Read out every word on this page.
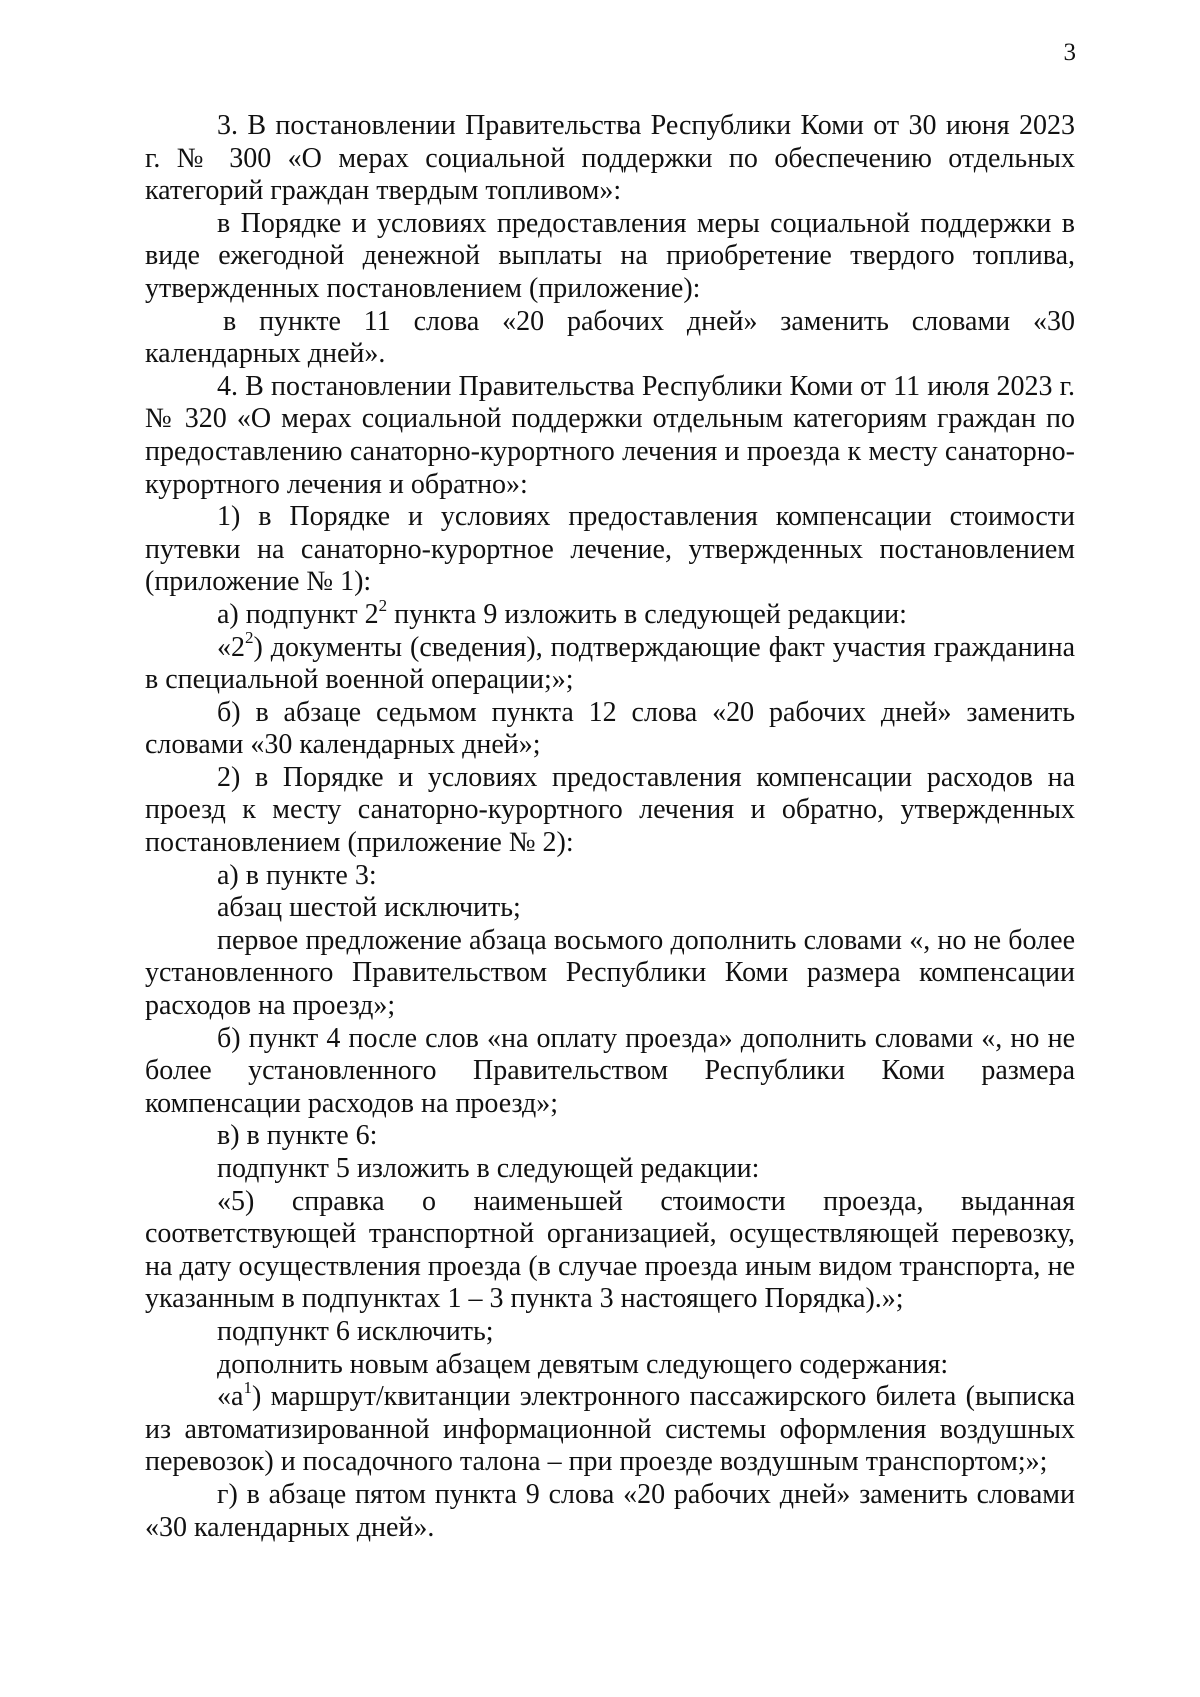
3

3. В постановлении Правительства Республики Коми от 30 июня 2023 г. № 300 «О мерах социальной поддержки по обеспечению отдельных категорий граждан твердым топливом»:

в Порядке и условиях предоставления меры социальной поддержки в виде ежегодной денежной выплаты на приобретение твердого топлива, утвержденных постановлением (приложение):

в пункте 11 слова «20 рабочих дней» заменить словами «30 календарных дней».

4. В постановлении Правительства Республики Коми от 11 июля 2023 г. № 320 «О мерах социальной поддержки отдельным категориям граждан по предоставлению санаторно-курортного лечения и проезда к месту санаторно-курортного лечения и обратно»:

1) в Порядке и условиях предоставления компенсации стоимости путевки на санаторно-курортное лечение, утвержденных постановлением (приложение № 1):

а) подпункт $2^2$ пункта 9 изложить в следующей редакции:

«$2^2$) документы (сведения), подтверждающие факт участия гражданина в специальной военной операции;»;

б) в абзаце седьмом пункта 12 слова «20 рабочих дней» заменить словами «30 календарных дней»;

2) в Порядке и условиях предоставления компенсации расходов на проезд к месту санаторно-курортного лечения и обратно, утвержденных постановлением (приложение № 2):

а) в пункте 3:

абзац шестой исключить;

первое предложение абзаца восьмого дополнить словами «, но не более установленного Правительством Республики Коми размера компенсации расходов на проезд»;

б) пункт 4 после слов «на оплату проезда» дополнить словами «, но не более установленного Правительством Республики Коми размера компенсации расходов на проезд»;

в) в пункте 6:

подпункт 5 изложить в следующей редакции:

«5) справка о наименьшей стоимости проезда, выданная соответствующей транспортной организацией, осуществляющей перевозку, на дату осуществления проезда (в случае проезда иным видом транспорта, не указанным в подпунктах 1 – 3 пункта 3 настоящего Порядка).»;

подпункт 6 исключить;

дополнить новым абзацем девятым следующего содержания:

«$а^1$) маршрут/квитанции электронного пассажирского билета (выписка из автоматизированной информационной системы оформления воздушных перевозок) и посадочного талона – при проезде воздушным транспортом;»;

г) в абзаце пятом пункта 9 слова «20 рабочих дней» заменить словами «30 календарных дней».
